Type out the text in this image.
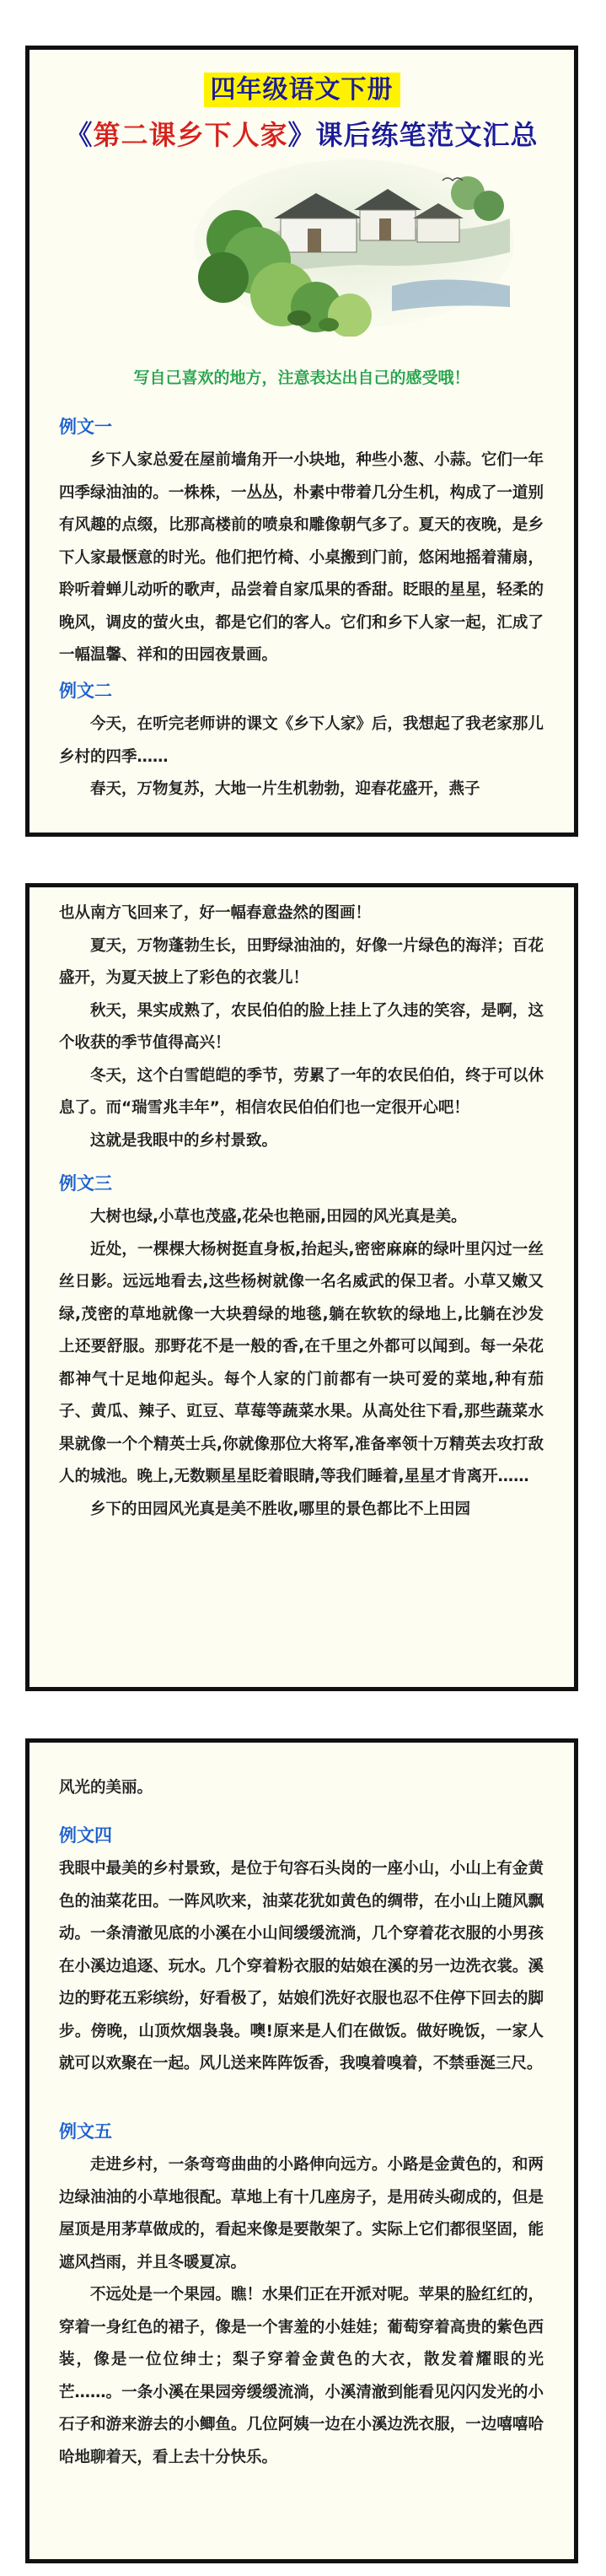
四年级语文下册
《第二课乡下人家》课后练笔范文汇总
写自己喜欢的地方，注意表达出自己的感受哦！
例文一

乡下人家总爱在屋前墙角开一小块地，种些小葱、小蒜。它们一年四季绿油油的。一株株，一丛丛，朴素中带着几分生机，构成了一道别有风趣的点缀，比那高楼前的喷泉和雕像朝气多了。夏天的夜晚，是乡下人家最惬意的时光。他们把竹椅、小桌搬到门前，悠闲地摇着蒲扇，聆听着蝉儿动听的歌声，品尝着自家瓜果的香甜。眨眼的星星，轻柔的晚风，调皮的萤火虫，都是它们的客人。它们和乡下人家一起，汇成了一幅温馨、祥和的田园夜景画。

例文二

今天，在听完老师讲的课文《乡下人家》后，我想起了我老家那儿乡村的四季……

春天，万物复苏，大地一片生机勃勃，迎春花盛开，燕子

也从南方飞回来了，好一幅春意盎然的图画！

夏天，万物蓬勃生长，田野绿油油的，好像一片绿色的海洋；百花盛开，为夏天披上了彩色的衣裳儿！

秋天，果实成熟了，农民伯伯的脸上挂上了久违的笑容，是啊，这个收获的季节值得高兴！

冬天，这个白雪皑皑的季节，劳累了一年的农民伯伯，终于可以休息了。而“瑞雪兆丰年”，相信农民伯伯们也一定很开心吧！

这就是我眼中的乡村景致。

例文三

大树也绿,小草也茂盛,花朵也艳丽,田园的风光真是美。

近处，一棵棵大杨树挺直身板,抬起头,密密麻麻的绿叶里闪过一丝丝日影。远远地看去,这些杨树就像一名名威武的保卫者。小草又嫩又绿,茂密的草地就像一大块碧绿的地毯,躺在软软的绿地上,比躺在沙发上还要舒服。那野花不是一般的香,在千里之外都可以闻到。每一朵花都神气十足地仰起头。每个人家的门前都有一块可爱的菜地,种有茄子、黄瓜、辣子、豇豆、草莓等蔬菜水果。从高处往下看,那些蔬菜水果就像一个个精英士兵,你就像那位大将军,准备率领十万精英去攻打敌人的城池。晚上,无数颗星星眨着眼睛,等我们睡着,星星才肯离开……

乡下的田园风光真是美不胜收,哪里的景色都比不上田园

风光的美丽。

例文四

我眼中最美的乡村景致，是位于句容石头岗的一座小山，小山上有金黄色的油菜花田。一阵风吹来，油菜花犹如黄色的绸带，在小山上随风飘动。一条清澈见底的小溪在小山间缓缓流淌，几个穿着花衣服的小男孩在小溪边追逐、玩水。几个穿着粉衣服的姑娘在溪的另一边洗衣裳。溪边的野花五彩缤纷，好看极了，姑娘们洗好衣服也忍不住停下回去的脚步。傍晚，山顶炊烟袅袅。噢!原来是人们在做饭。做好晚饭，一家人就可以欢聚在一起。风儿送来阵阵饭香，我嗅着嗅着，不禁垂涎三尺。

例文五

走进乡村，一条弯弯曲曲的小路伸向远方。小路是金黄色的，和两边绿油油的小草地很配。草地上有十几座房子，是用砖头砌成的，但是屋顶是用茅草做成的，看起来像是要散架了。实际上它们都很坚固，能遮风挡雨，并且冬暖夏凉。

不远处是一个果园。瞧！水果们正在开派对呢。苹果的脸红红的，穿着一身红色的裙子，像是一个害羞的小娃娃；葡萄穿着高贵的紫色西装，像是一位位绅士；梨子穿着金黄色的大衣，散发着耀眼的光芒……。一条小溪在果园旁缓缓流淌，小溪清澈到能看见闪闪发光的小石子和游来游去的小鲫鱼。几位阿姨一边在小溪边洗衣服，一边嘻嘻哈哈地聊着天，看上去十分快乐。
